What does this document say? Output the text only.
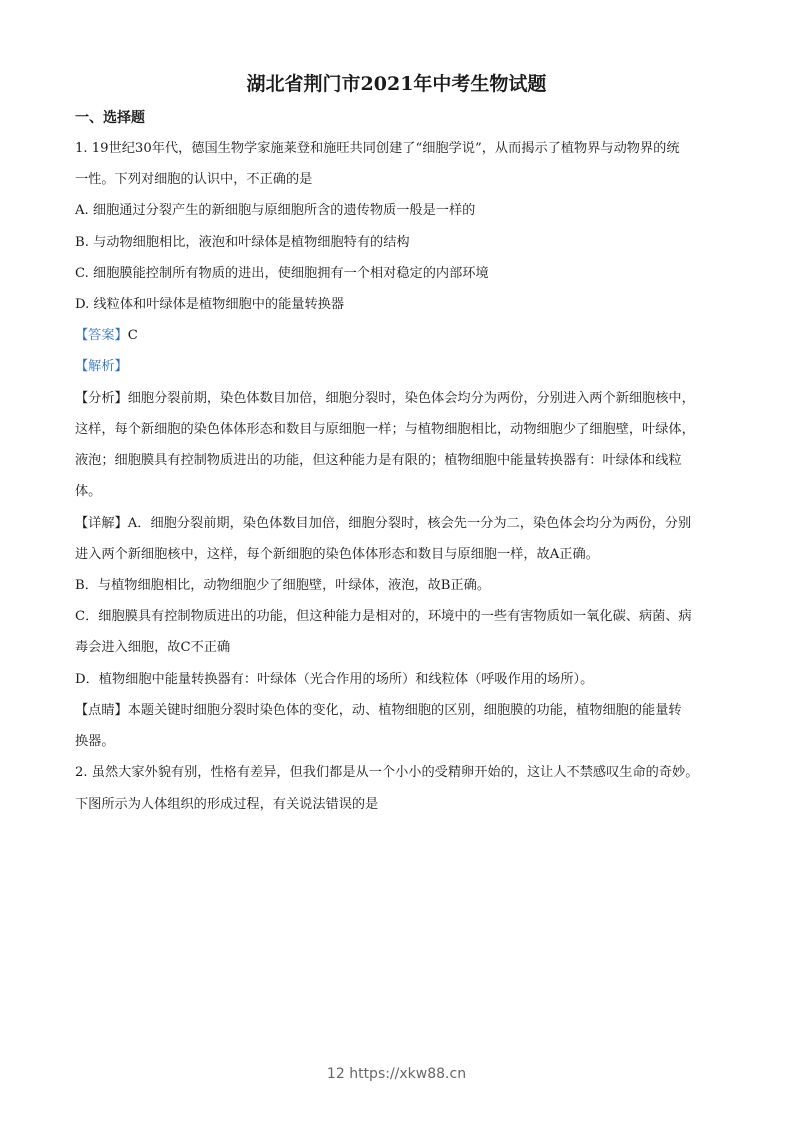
湖北省荆门市2021年中考生物试题
一、选择题
1. 19世纪30年代，德国生物学家施莱登和施旺共同创建了“细胞学说”，从而揭示了植物界与动物界的统
一性。下列对细胞的认识中，不正确的是
A. 细胞通过分裂产生的新细胞与原细胞所含的遗传物质一般是一样的
B. 与动物细胞相比，液泡和叶绿体是植物细胞特有的结构
C. 细胞膜能控制所有物质的进出，使细胞拥有一个相对稳定的内部环境
D. 线粒体和叶绿体是植物细胞中的能量转换器
【答案】C
【解析】
【分析】细胞分裂前期，染色体数目加倍，细胞分裂时，染色体会均分为两份，分别进入两个新细胞核中，
这样，每个新细胞的染色体体形态和数目与原细胞一样；与植物细胞相比，动物细胞少了细胞壁，叶绿体，
液泡；细胞膜具有控制物质进出的功能，但这种能力是有限的；植物细胞中能量转换器有：叶绿体和线粒
体。
【详解】A．细胞分裂前期，染色体数目加倍，细胞分裂时，核会先一分为二，染色体会均分为两份，分别
进入两个新细胞核中，这样，每个新细胞的染色体体形态和数目与原细胞一样，故A正确。
B．与植物细胞相比，动物细胞少了细胞壁，叶绿体，液泡，故B正确。
C．细胞膜具有控制物质进出的功能，但这种能力是相对的，环境中的一些有害物质如一氧化碳、病菌、病
毒会进入细胞，故C不正确
D．植物细胞中能量转换器有：叶绿体（光合作用的场所）和线粒体（呼吸作用的场所）。
【点睛】本题关键时细胞分裂时染色体的变化，动、植物细胞的区别，细胞膜的功能，植物细胞的能量转
换器。
2. 虽然大家外貌有别，性格有差异，但我们都是从一个小小的受精卵开始的，这让人不禁感叹生命的奇妙。
下图所示为人体组织的形成过程，有关说法错误的是
12 https://xkw88.cn
